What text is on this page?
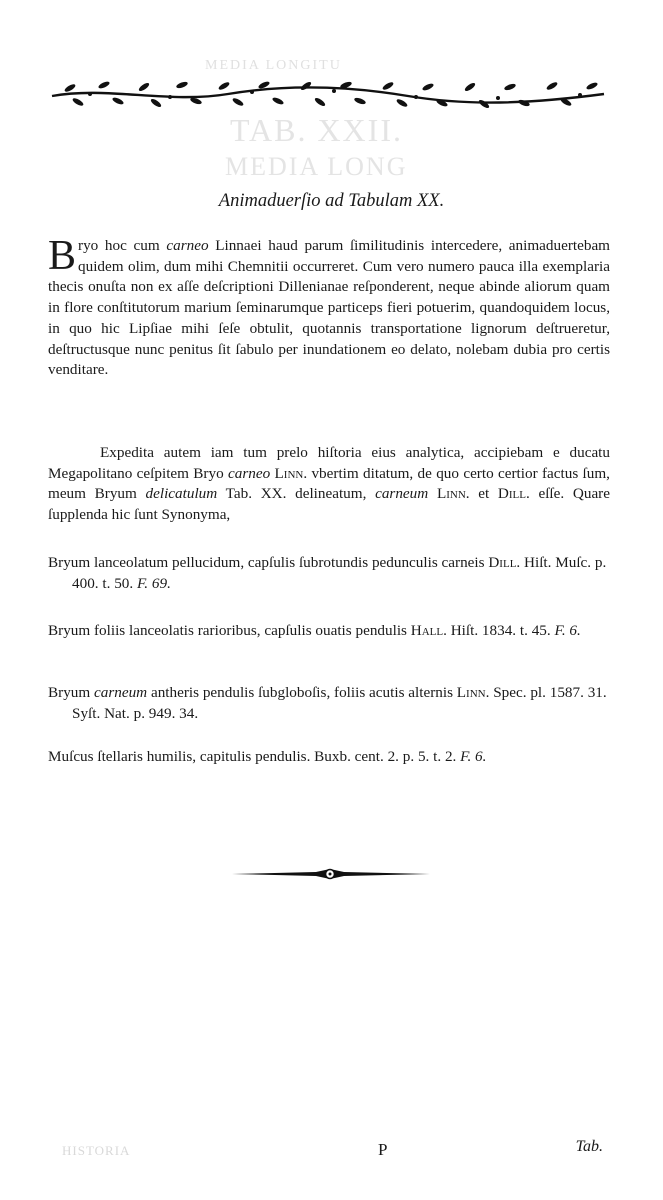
MEDIA LONGITU
TAB. XXII.
MEDIA LONG
HISTORIA
Animaduerſio ad Tabulam XX.
Bryo hoc cum carneo Linnaei haud parum ſimilitudinis intercedere, animaduertebam quidem olim, dum mihi Chemnitii occurreret. Cum vero numero pauca illa exemplaria thecis onuſta non ex aſſe deſcriptioni Dillenianae reſponderent, neque abinde aliorum quam in flore conſtitutorum marium ſeminarumque particeps fieri potuerim, quandoquidem locus, in quo hic Lipſiae mihi ſeſe obtulit, quotannis transportatione lignorum deſtrueretur, deſtructusque nunc penitus ſit ſabulo per inundationem eo delato, nolebam dubia pro certis venditare.
Expedita autem iam tum prelo hiſtoria eius analytica, accipiebam e ducatu Megapolitano ceſpitem Bryo carneo Linn. vbertim ditatum, de quo certo certior factus ſum, meum Bryum delicatulum Tab. XX. delineatum, carneum Linn. et Dill. eſſe. Quare ſupplenda hic ſunt Synonyma,
Bryum lanceolatum pellucidum, capſulis ſubrotundis pedunculis carneis Dill. Hiſt. Muſc. p. 400. t. 50. F. 69.
Bryum foliis lanceolatis rarioribus, capſulis ouatis pendulis Hall. Hiſt. 1834. t. 45. F. 6.
Bryum carneum antheris pendulis ſubgloboſis, foliis acutis alternis Linn. Spec. pl. 1587. 31. Syſt. Nat. p. 949. 34.
Muſcus ſtellaris humilis, capitulis pendulis. Buxb. cent. 2. p. 5. t. 2. F. 6.
P	Tab.
